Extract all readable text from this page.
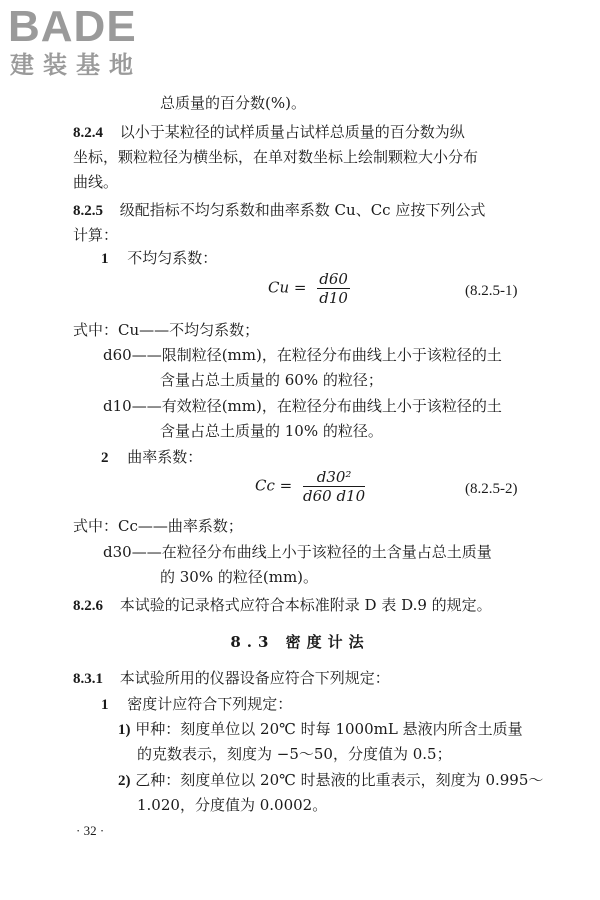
BADE
建装基地
总质量的百分数(%)。
8.2.4 以小于某粒径的试样质量占试样总质量的百分数为纵
坐标，颗粒粒径为横坐标，在单对数坐标上绘制颗粒大小分布
曲线。
8.2.5 级配指标不均匀系数和曲率系数 Cu、Cc 应按下列公式
计算：
1 不均匀系数：
$Cu = \frac{d60}{d10}$	(8.2.5-1)
式中：Cu——不均匀系数；
d60——限制粒径(mm)，在粒径分布曲线上小于该粒径的土
含量占总土质量的 60% 的粒径；
d10——有效粒径(mm)，在粒径分布曲线上小于该粒径的土
含量占总土质量的 10% 的粒径。
2 曲率系数：
$Cc = \frac{\text{d30²}}{d60 d10}$	(8.2.5-2)
式中：Cc——曲率系数；
d30——在粒径分布曲线上小于该粒径的土含量占总土质量
的 30% 的粒径(mm)。
8.2.6 本试验的记录格式应符合本标准附录 D 表 D.9 的规定。
8.3 密度计法
8.3.1 本试验所用的仪器设备应符合下列规定：
1 密度计应符合下列规定：
1) 甲种：刻度单位以 20℃ 时每 1000mL 悬液内所含土质量
的克数表示，刻度为 −5～50，分度值为 0.5；
2) 乙种：刻度单位以 20℃ 时悬液的比重表示，刻度为 0.995～
1.020，分度值为 0.0002。
· 32 ·
